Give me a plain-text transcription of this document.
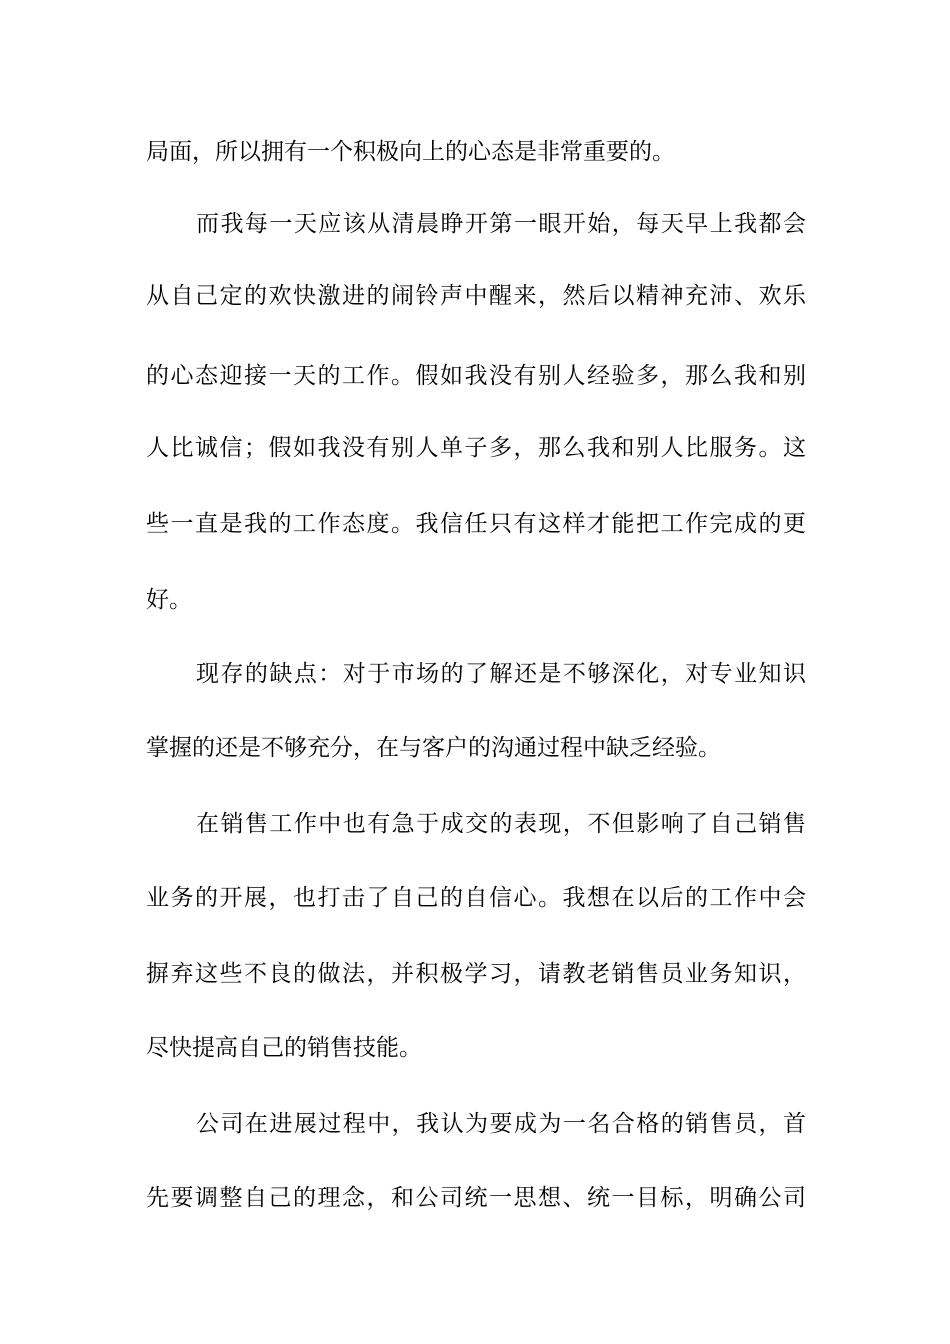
局面，所以拥有一个积极向上的心态是非常重要的。
而我每一天应该从清晨睁开第一眼开始，每天早上我都会
从自己定的欢快激进的闹铃声中醒来，然后以精神充沛、欢乐
的心态迎接一天的工作。假如我没有别人经验多，那么我和别
人比诚信；假如我没有别人单子多，那么我和别人比服务。这
些一直是我的工作态度。我信任只有这样才能把工作完成的更
好。
现存的缺点：对于市场的了解还是不够深化，对专业知识
掌握的还是不够充分，在与客户的沟通过程中缺乏经验。
在销售工作中也有急于成交的表现，不但影响了自己销售
业务的开展，也打击了自己的自信心。我想在以后的工作中会
摒弃这些不良的做法，并积极学习，请教老销售员业务知识，
尽快提高自己的销售技能。
公司在进展过程中，我认为要成为一名合格的销售员，首
先要调整自己的理念，和公司统一思想、统一目标，明确公司
